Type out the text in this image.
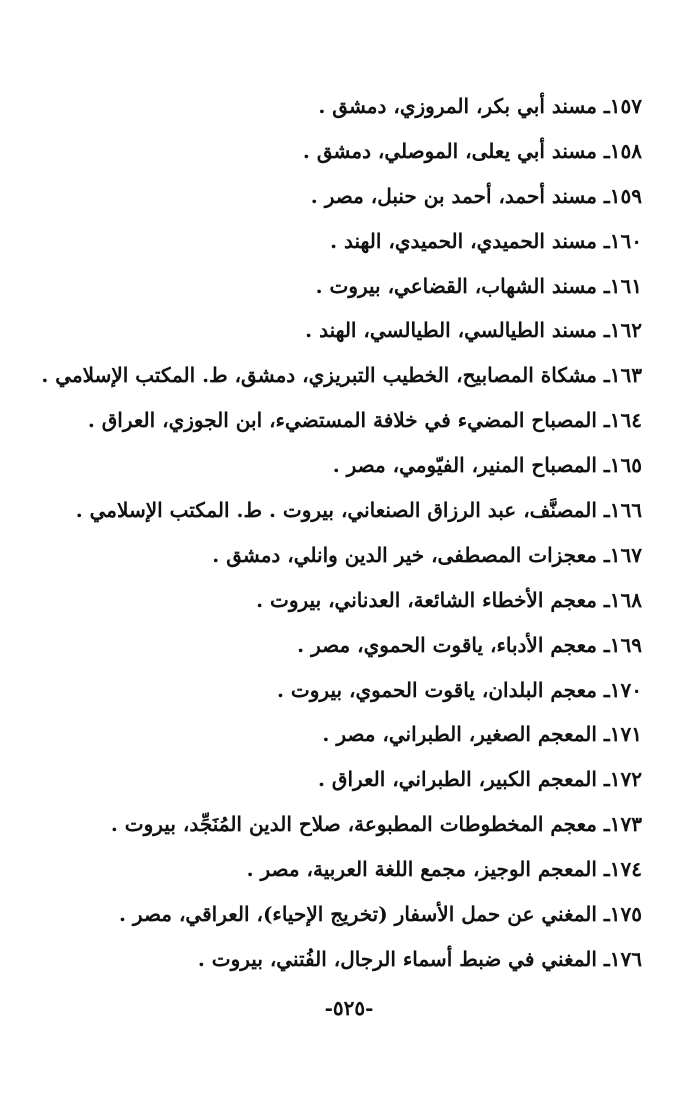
١٥٧ـ مسند أبي بكر، المروزي، دمشق .
١٥٨ـ مسند أبي يعلى، الموصلي، دمشق .
١٥٩ـ مسند أحمد، أحمد بن حنبل، مصر .
١٦٠ـ مسند الحميدي، الحميدي، الهند .
١٦١ـ مسند الشهاب، القضاعي، بيروت .
١٦٢ـ مسند الطيالسي، الطيالسي، الهند .
١٦٣ـ مشكاة المصابيح، الخطيب التبريزي، دمشق، ط. المكتب الإسلامي .
١٦٤ـ المصباح المضيء في خلافة المستضيء، ابن الجوزي، العراق .
١٦٥ـ المصباح المنير، الفيّومي، مصر .
١٦٦ـ المصنَّف، عبد الرزاق الصنعاني، بيروت . ط. المكتب الإسلامي .
١٦٧ـ معجزات المصطفى، خير الدين وانلي، دمشق .
١٦٨ـ معجم الأخطاء الشائعة، العدناني، بيروت .
١٦٩ـ معجم الأدباء، ياقوت الحموي، مصر .
١٧٠ـ معجم البلدان، ياقوت الحموي، بيروت .
١٧١ـ المعجم الصغير، الطبراني، مصر .
١٧٢ـ المعجم الكبير، الطبراني، العراق .
١٧٣ـ معجم المخطوطات المطبوعة، صلاح الدين المُنَجِّد، بيروت .
١٧٤ـ المعجم الوجيز، مجمع اللغة العربية، مصر .
١٧٥ـ المغني عن حمل الأسفار (تخريج الإحياء)، العراقي، مصر .
١٧٦ـ المغني في ضبط أسماء الرجال، الفُتني، بيروت .
-٥٢٥-
